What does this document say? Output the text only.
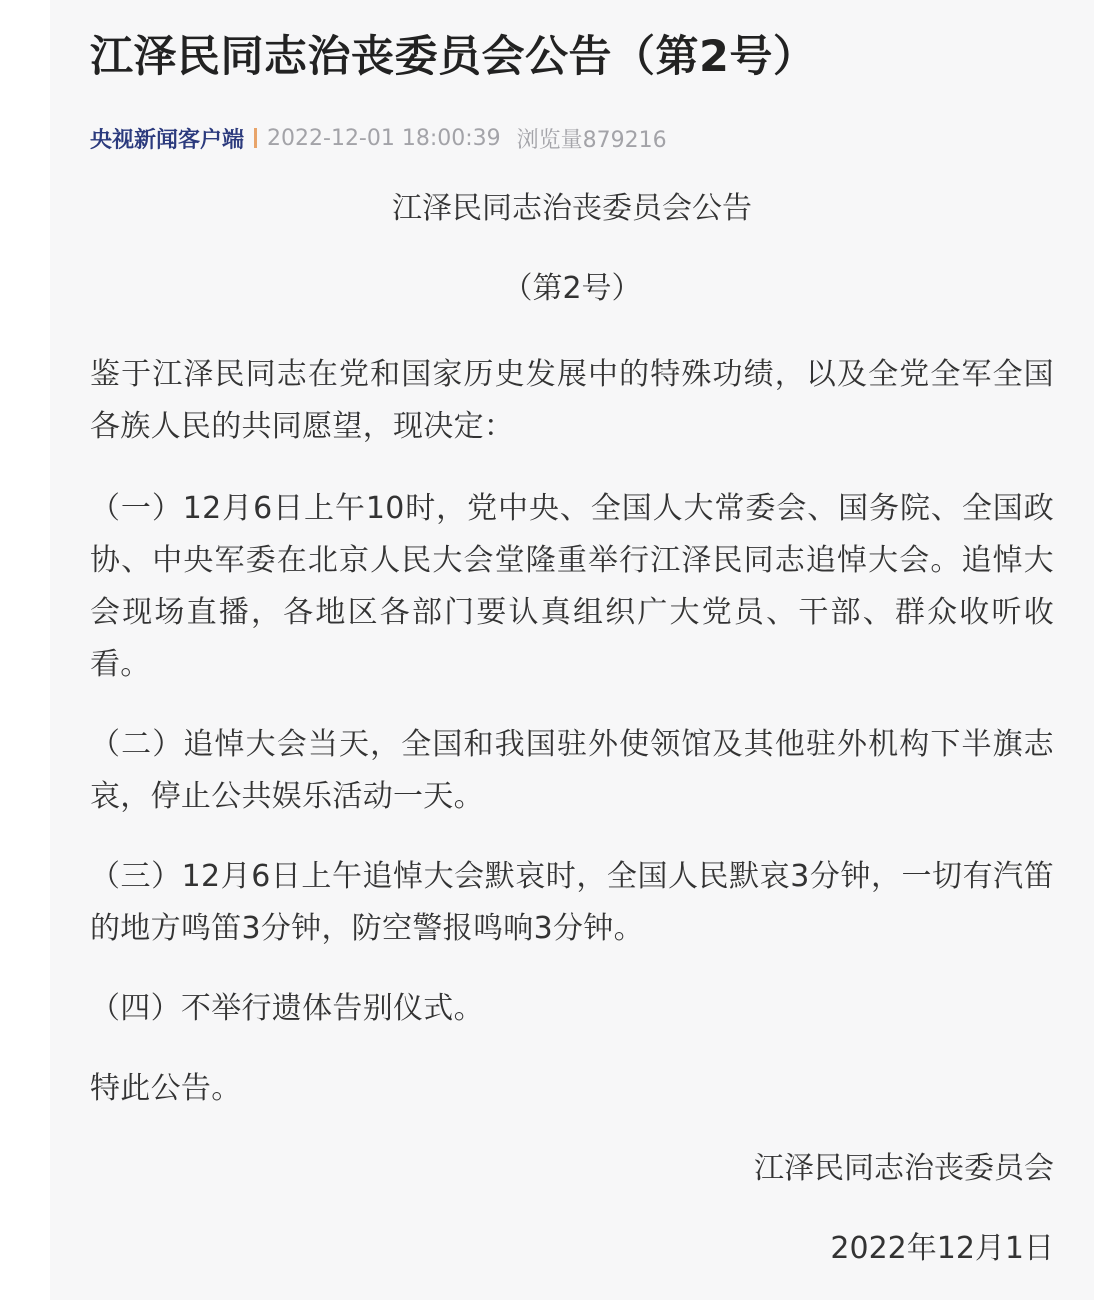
江泽民同志治丧委员会公告（第2号）
央视新闻客户端 2022-12-01 18:00:39 浏览量879216

江泽民同志治丧委员会公告

（第2号）

鉴于江泽民同志在党和国家历史发展中的特殊功绩，以及全党全军全国各族人民的共同愿望，现决定：

（一）12月6日上午10时，党中央、全国人大常委会、国务院、全国政协、中央军委在北京人民大会堂隆重举行江泽民同志追悼大会。追悼大会现场直播，各地区各部门要认真组织广大党员、干部、群众收听收看。

（二）追悼大会当天，全国和我国驻外使领馆及其他驻外机构下半旗志哀，停止公共娱乐活动一天。

（三）12月6日上午追悼大会默哀时，全国人民默哀3分钟，一切有汽笛的地方鸣笛3分钟，防空警报鸣响3分钟。

（四）不举行遗体告别仪式。

特此公告。

江泽民同志治丧委员会

2022年12月1日
